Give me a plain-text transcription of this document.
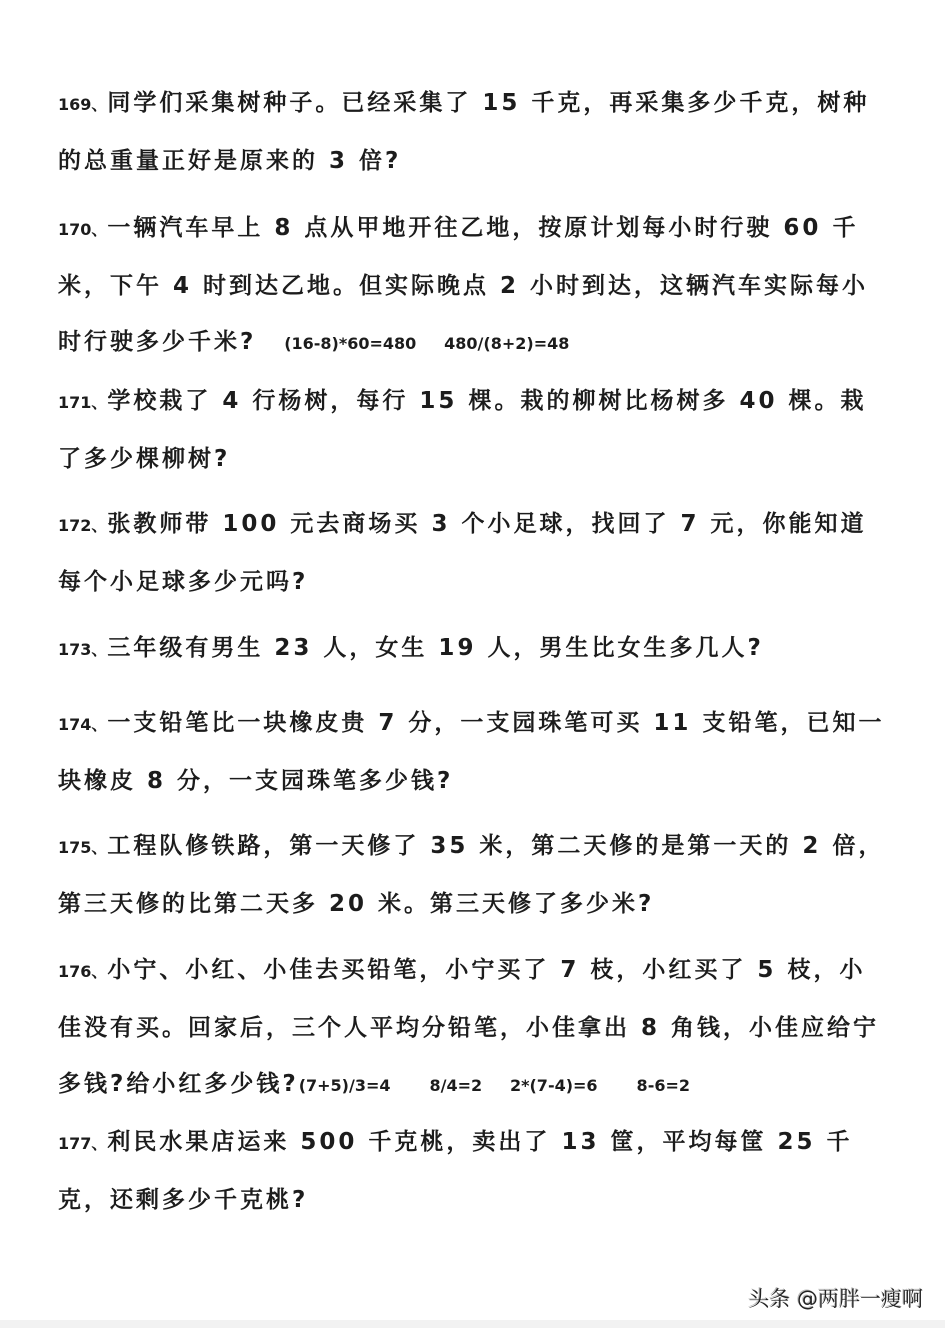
169、同学们采集树种子。已经采集了 15 千克，再采集多少千克，树种的总重量正好是原来的 3 倍?
170、一辆汽车早上 8 点从甲地开往乙地，按原计划每小时行驶 60 千米，下午 4 时到达乙地。但实际晚点 2 小时到达，这辆汽车实际每小时行驶多少千米?     (16-8)*60=480     480/(8+2)=48
171、学校栽了 4 行杨树，每行 15 棵。栽的柳树比杨树多 40 棵。栽了多少棵柳树?
172、张教师带 100 元去商场买 3 个小足球，找回了 7 元，你能知道每个小足球多少元吗?
173、三年级有男生 23 人，女生 19 人，男生比女生多几人?
174、一支铅笔比一块橡皮贵 7 分，一支园珠笔可买 11 支铅笔，已知一块橡皮 8 分，一支园珠笔多少钱?
175、工程队修铁路，第一天修了 35 米，第二天修的是第一天的 2 倍，第三天修的比第二天多 20 米。第三天修了多少米?
176、小宁、小红、小佳去买铅笔，小宁买了 7 枝，小红买了 5 枝，小佳没有买。回家后，三个人平均分铅笔，小佳拿出 8 角钱，小佳应给宁多钱?给小红多少钱?(7+5)/3=4       8/4=2     2*(7-4)=6       8-6=2
177、利民水果店运来 500 千克桃，卖出了 13 筐，平均每筐 25 千克，还剩多少千克桃?
头条 @两胖一瘦啊
